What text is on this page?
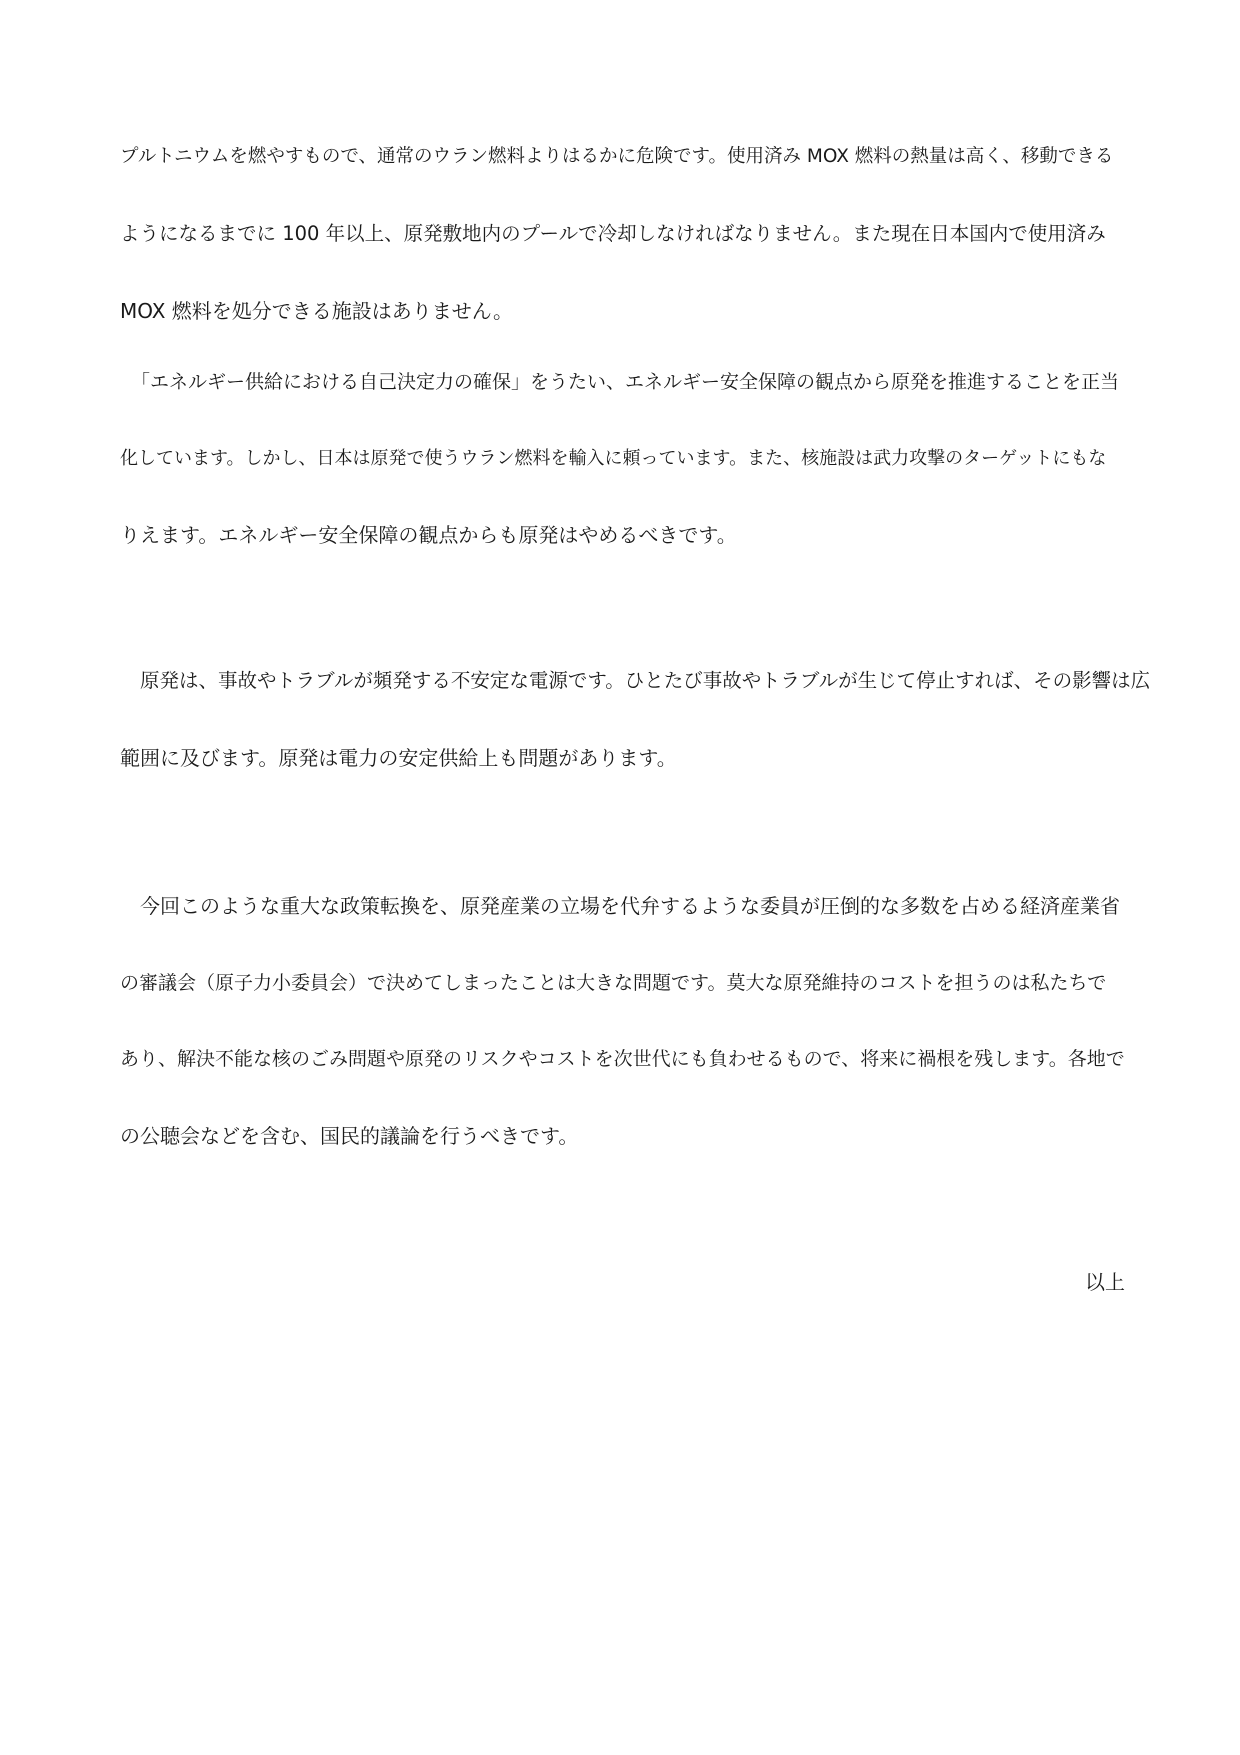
プルトニウムを燃やすもので、通常のウラン燃料よりはるかに危険です。使用済み MOX 燃料の熱量は高く、移動できる
ようになるまでに 100 年以上、原発敷地内のプールで冷却しなければなりません。また現在日本国内で使用済み
MOX 燃料を処分できる施設はありません。
「エネルギー供給における自己決定力の確保」をうたい、エネルギー安全保障の観点から原発を推進することを正当
化しています。しかし、日本は原発で使うウラン燃料を輸入に頼っています。また、核施設は武力攻撃のターゲットにもな
りえます。エネルギー安全保障の観点からも原発はやめるべきです。
原発は、事故やトラブルが頻発する不安定な電源です。ひとたび事故やトラブルが生じて停止すれば、その影響は広
範囲に及びます。原発は電力の安定供給上も問題があります。
今回このような重大な政策転換を、原発産業の立場を代弁するような委員が圧倒的な多数を占める経済産業省
の審議会（原子力小委員会）で決めてしまったことは大きな問題です。莫大な原発維持のコストを担うのは私たちで
あり、解決不能な核のごみ問題や原発のリスクやコストを次世代にも負わせるもので、将来に禍根を残します。各地で
の公聴会などを含む、国民的議論を行うべきです。
以上
